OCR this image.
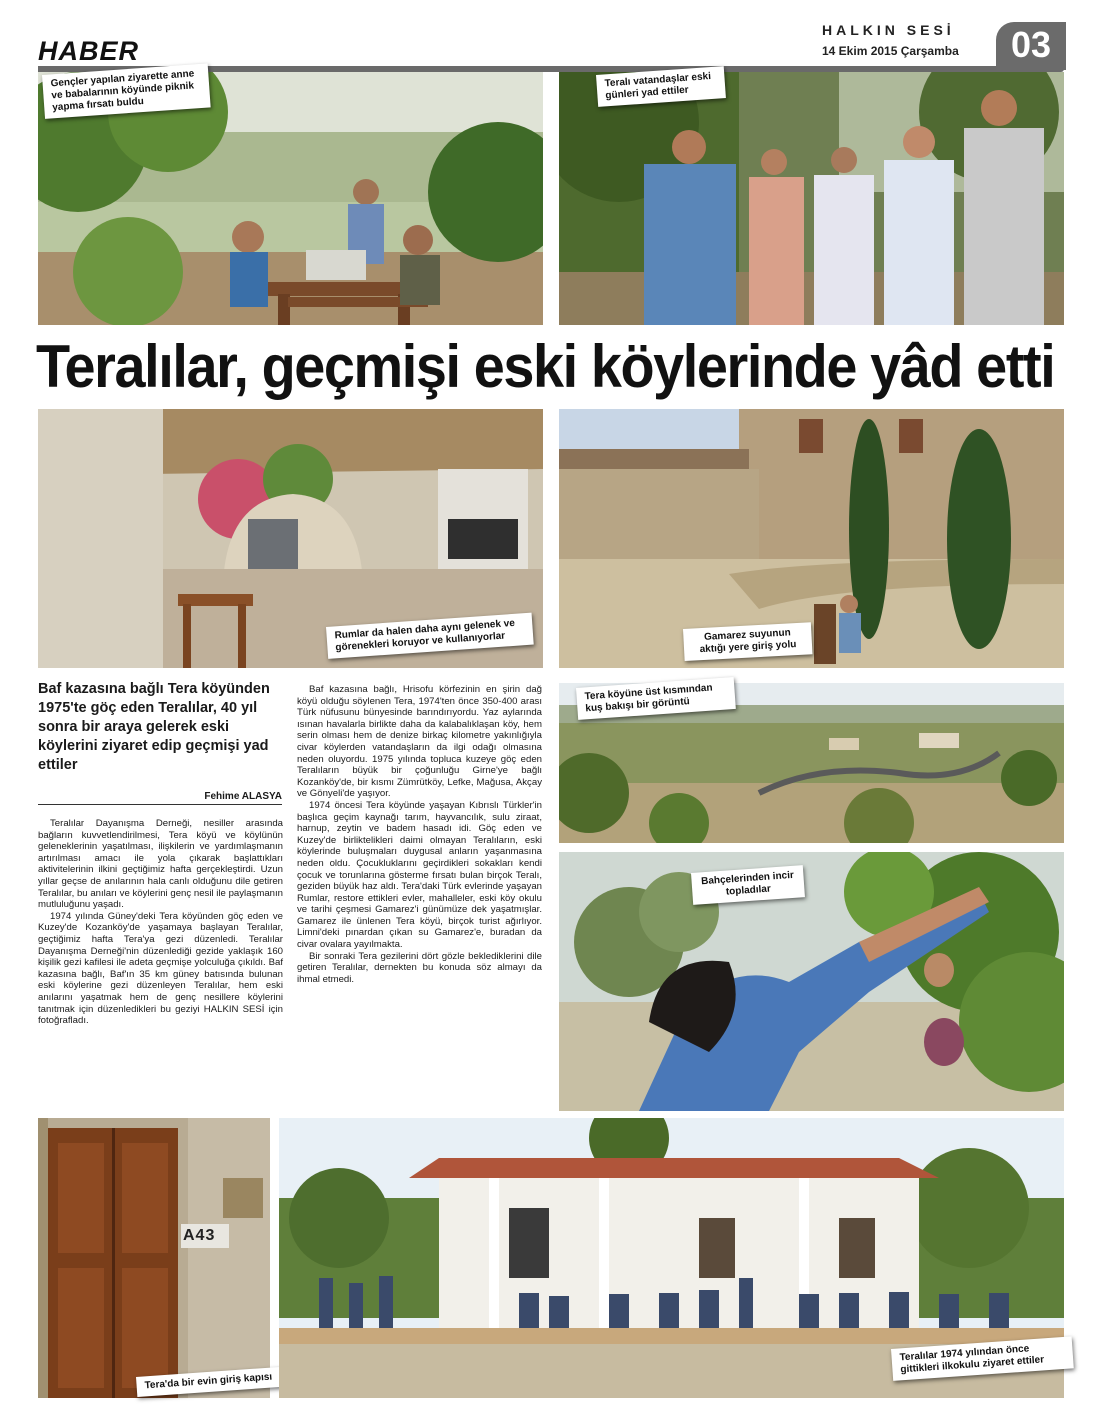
HABER
HALKIN SESİ
14 Ekim 2015 Çarşamba	03
Gençler yapılan ziyarette anne ve babalarının köyünde piknik yapma fırsatı buldu
Teralı vatandaşlar eski günleri yad ettiler
Teralılar, geçmişi eski köylerinde yâd etti
Rumlar da halen daha aynı gelenek ve görenekleri koruyor ve kullanıyorlar	Gamarez suyunun aktığı yere giriş yolu
Baf kazasına bağlı Tera köyünden 1975'te göç eden Teralılar, 40 yıl sonra bir araya gelerek eski köylerini ziyaret edip geçmişi yad ettiler
Fehime ALASYA

Teralılar Dayanışma Derneği, nesiller arasında bağların kuvvetlendirilmesi, Tera köyü ve köylünün geleneklerinin yaşatılması, ilişkilerin ve yardımlaşmanın artırılması amacı ile yola çıkarak başlattıkları aktivitelerinin ilkini geçtiğimiz hafta gerçekleştirdi. Uzun yıllar geçse de anılarının hala canlı olduğunu dile getiren Teralılar, bu anıları ve köylerini genç nesil ile paylaşmanın mutluluğunu yaşadı.

1974 yılında Güney'deki Tera köyünden göç eden ve Kuzey'de Kozanköy'de yaşamaya başlayan Teralılar, geçtiğimiz hafta Tera'ya gezi düzenledi. Teralılar Dayanışma Derneği'nin düzenlediği gezide yaklaşık 160 kişilik gezi kafilesi ile adeta geçmişe yolculuğa çıkıldı. Baf kazasına bağlı, Baf'ın 35 km güney batısında bulunan eski köylerine gezi düzenleyen Teralılar, hem eski anılarını yaşatmak hem de genç nesillere köylerini tanıtmak için düzenledikleri bu geziyi HALKIN SESİ için fotoğrafladı.

Baf kazasına bağlı, Hrisofu körfezinin en şirin dağ köyü olduğu söylenen Tera, 1974'ten önce 350-400 arası Türk nüfusunu bünyesinde barındırıyordu. Yaz aylarında ısınan havalarla birlikte daha da kalabalıklaşan köy, hem serin olması hem de denize birkaç kilometre yakınlığıyla civar köylerden vatandaşların da ilgi odağı olmasına neden oluyordu. 1975 yılında topluca kuzeye göç eden Teralıların büyük bir çoğunluğu Girne'ye bağlı Kozanköy'de, bir kısmı Zümrütköy, Lefke, Mağusa, Akçay ve Gönyeli'de yaşıyor.

1974 öncesi Tera köyünde yaşayan Kıbrıslı Türkler'in başlıca geçim kaynağı tarım, hayvancılık, sulu ziraat, harnup, zeytin ve badem hasadı idi. Göç eden ve Kuzey'de birliktelikleri daimi olmayan Teralıların, eski köylerinde buluşmaları duygusal anların yaşanmasına neden oldu. Çocukluklarını geçirdikleri sokakları kendi çocuk ve torunlarına gösterme fırsatı bulan birçok Teralı, geziden büyük haz aldı. Tera'daki Türk evlerinde yaşayan Rumlar, restore ettikleri evler, mahalleler, eski köy okulu ve tarihi çeşmesi Gamarez'i günümüze dek yaşatmışlar. Gamarez ile ünlenen Tera köyü, birçok turist ağırlıyor. Limni'deki pınardan çıkan su Gamarez'e, buradan da civar ovalara yayılmakta.

Bir sonraki Tera gezilerini dört gözle beklediklerini dile getiren Teralılar, dernekten bu konuda söz almayı da ihmal etmedi.

Tera köyüne üst kısmından kuş bakışı bir görüntü
Bahçelerinden incir topladılar
A43
Tera'da bir evin giriş kapısı
Teralılar 1974 yılından önce gittikleri ilkokulu ziyaret ettiler
